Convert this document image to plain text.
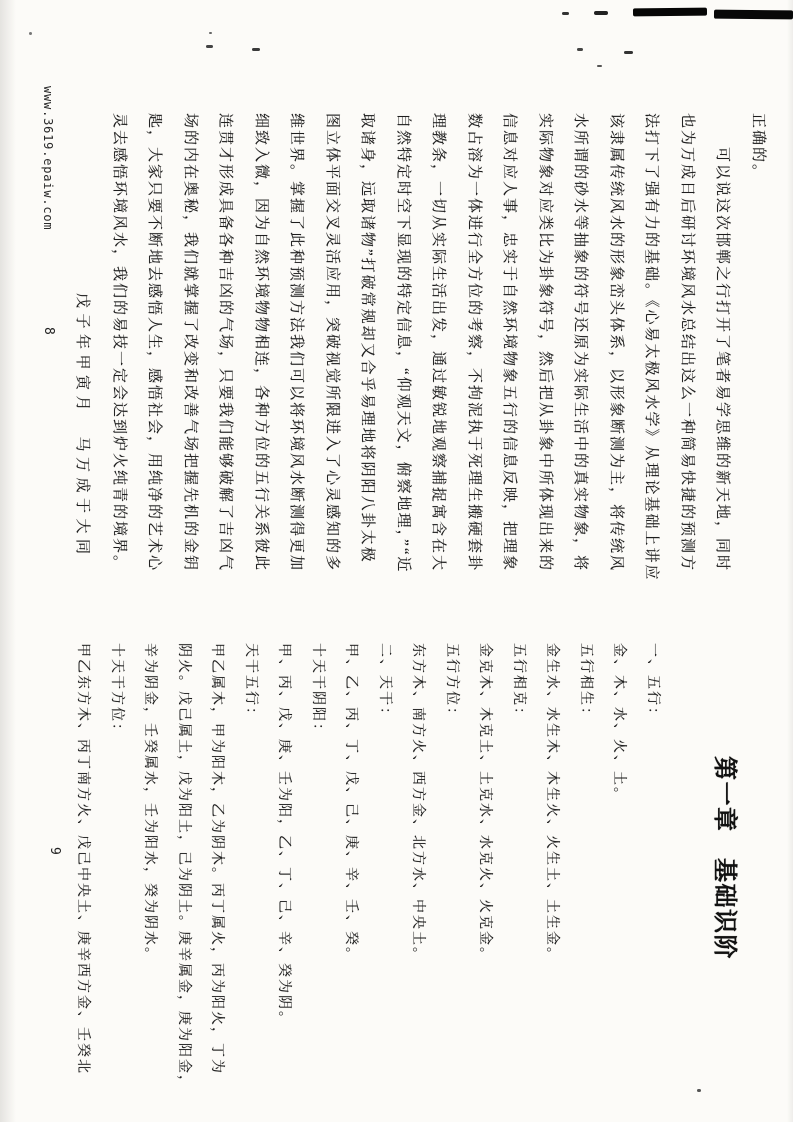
正确的。
　　可以说这次邯郸之行打开了笔者易学思维的新天地，同时
也为万成日后研讨环境风水总结出这么一种简易快捷的预测方
法打下了强有力的基础。《心易太极风水学》从理论基础上讲应
该隶属传统风水的形象峦头体系，以形象断测为主，将传统风
水所谓的砂水等抽象的符号还原为实际生活中的真实物象，将
实际物象对应类比为卦象符号，然后把从卦象中所体现出来的
信息对应人事，忠实于自然环境物象五行的信息反映，把理象
数占溶为一体进行全方位的考察，不拘泥执于死理生搬硬套卦
理教条，一切从实际生活出发，通过敏锐地观察捕捉寓含在大
自然特定时空下显现的特定信息，“仰观天文，俯察地理，”“近
取诸身，远取诸物”打破常规却又合乎易理地将阴阳八卦太极
图立体平面交叉灵活应用，突破视觉所限进入了心灵感知的多
维世界。掌握了此种预测方法我们可以将环境风水断测得更加
细致入微，因为自然环境物物相连，各种方位的五行关系彼此
连贯才形成具备各种吉凶的气场，只要我们能够破解了吉凶气
场的内在奥秘，我们就掌握了改变和改善气场把握先机的金钥
匙，大家只要不断地去感悟人生，感悟社会，用纯净的艺术心
灵去感悟环境风水，我们的易技一定会达到炉火纯青的境界。
戊子年甲寅月　马万成于大同
www.3619.epaiw.com
8
9	第一章　基础识阶
一、五行：
金、木、水、火、土。
五行相生：
金生水、水生木、木生火、火生土、土生金。
五行相克：
金克木、木克土、土克水、水克火、火克金。
五行方位：
东方木、南方火、西方金、北方水、中央土。
二、天干：
甲、乙、丙、丁、戊、己、庚、辛、壬、癸。
十天干阴阳：
甲、丙、戊、庚、壬为阳，乙、丁、己、辛、癸为阴。
天干五行：
甲乙属木，甲为阳木，乙为阴木。丙丁属火，丙为阳火，丁为
阴火。戊己属土，戊为阳土，己为阴土。庚辛属金，庚为阳金，
辛为阴金，壬癸属水，壬为阳水，癸为阴水。
十天干方位：
甲乙东方木、丙丁南方火、戊己中央土、庚辛西方金、壬癸北
